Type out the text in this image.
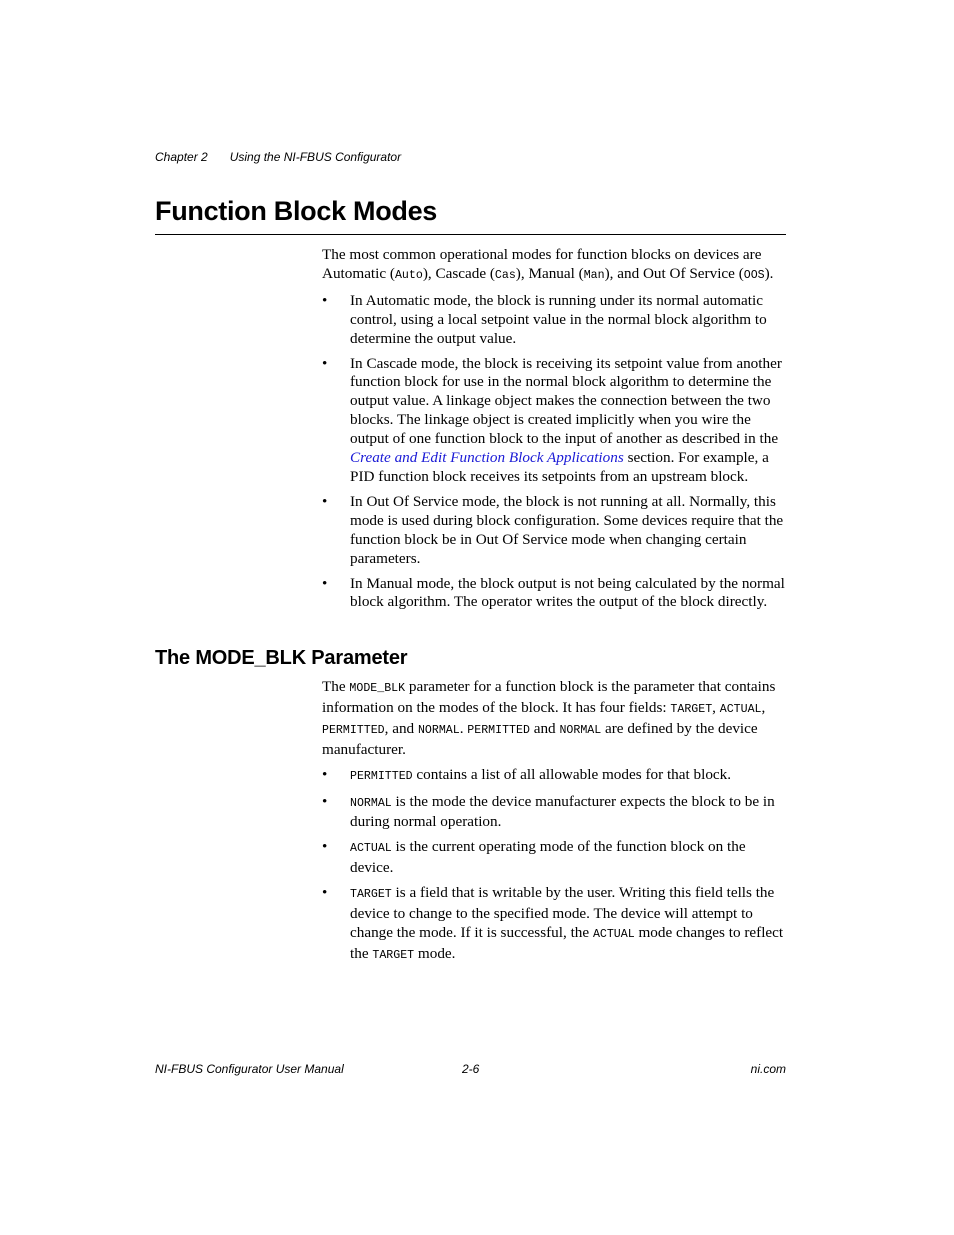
Chapter 2 Using the NI-FBUS Configurator
Function Block Modes

The most common operational modes for function blocks on devices are Automatic (Auto), Cascade (Cas), Manual (Man), and Out Of Service (OOS).

• In Automatic mode, the block is running under its normal automatic control, using a local setpoint value in the normal block algorithm to determine the output value.
• In Cascade mode, the block is receiving its setpoint value from another function block for use in the normal block algorithm to determine the output value. A linkage object makes the connection between the two blocks. The linkage object is created implicitly when you wire the output of one function block to the input of another as described in the Create and Edit Function Block Applications section. For example, a PID function block receives its setpoints from an upstream block.
• In Out Of Service mode, the block is not running at all. Normally, this mode is used during block configuration. Some devices require that the function block be in Out Of Service mode when changing certain parameters.
• In Manual mode, the block output is not being calculated by the normal block algorithm. The operator writes the output of the block directly.
The MODE_BLK Parameter

The MODE_BLK parameter for a function block is the parameter that contains information on the modes of the block. It has four fields: TARGET, ACTUAL, PERMITTED, and NORMAL. PERMITTED and NORMAL are defined by the device manufacturer.

• PERMITTED contains a list of all allowable modes for that block.
• NORMAL is the mode the device manufacturer expects the block to be in during normal operation.
• ACTUAL is the current operating mode of the function block on the device.
• TARGET is a field that is writable by the user. Writing this field tells the device to change to the specified mode. The device will attempt to change the mode. If it is successful, the ACTUAL mode changes to reflect the TARGET mode.
NI-FBUS Configurator User Manual	2-6	ni.com
